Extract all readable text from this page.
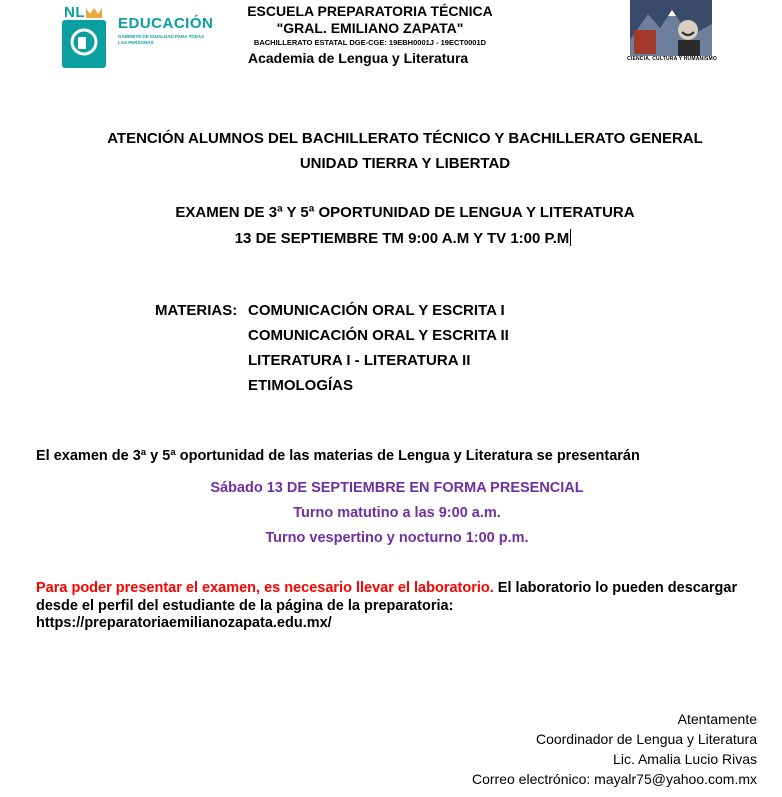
NL
EDUCACIÓN
GABINETE DE IGUALDAD PARA TODAS LAS PERSONAS
ESCUELA PREPARATORIA TÉCNICA
"GRAL. EMILIANO ZAPATA"
BACHILLERATO ESTATAL DGE-CGE: 19EBH0001J - 19ECT0001D
Academia de Lengua y Literatura	CIENCIA, CULTURA Y HUMANISMO
ATENCIÓN ALUMNOS DEL BACHILLERATO TÉCNICO Y BACHILLERATO GENERAL
UNIDAD TIERRA Y LIBERTAD
EXAMEN DE 3ª Y 5ª OPORTUNIDAD DE LENGUA Y LITERATURA
13 DE SEPTIEMBRE TM 9:00 A.M Y TV 1:00 P.M
MATERIAS: COMUNICACIÓN ORAL Y ESCRITA I
COMUNICACIÓN ORAL Y ESCRITA II
LITERATURA I - LITERATURA II
ETIMOLOGÍAS
El examen de 3ª y 5ª oportunidad de las materias de Lengua y Literatura se presentarán
Sábado 13 DE SEPTIEMBRE EN FORMA PRESENCIAL
Turno matutino a las 9:00 a.m.
Turno vespertino y nocturno 1:00 p.m.
Para poder presentar el examen, es necesario llevar el laboratorio. El laboratorio lo pueden descargar desde el perfil del estudiante de la página de la preparatoria:
https://preparatoriaemilianozapata.edu.mx/
Atentamente
Coordinador de Lengua y Literatura
Lic. Amalia Lucio Rivas
Correo electrónico: mayalr75@yahoo.com.mx
